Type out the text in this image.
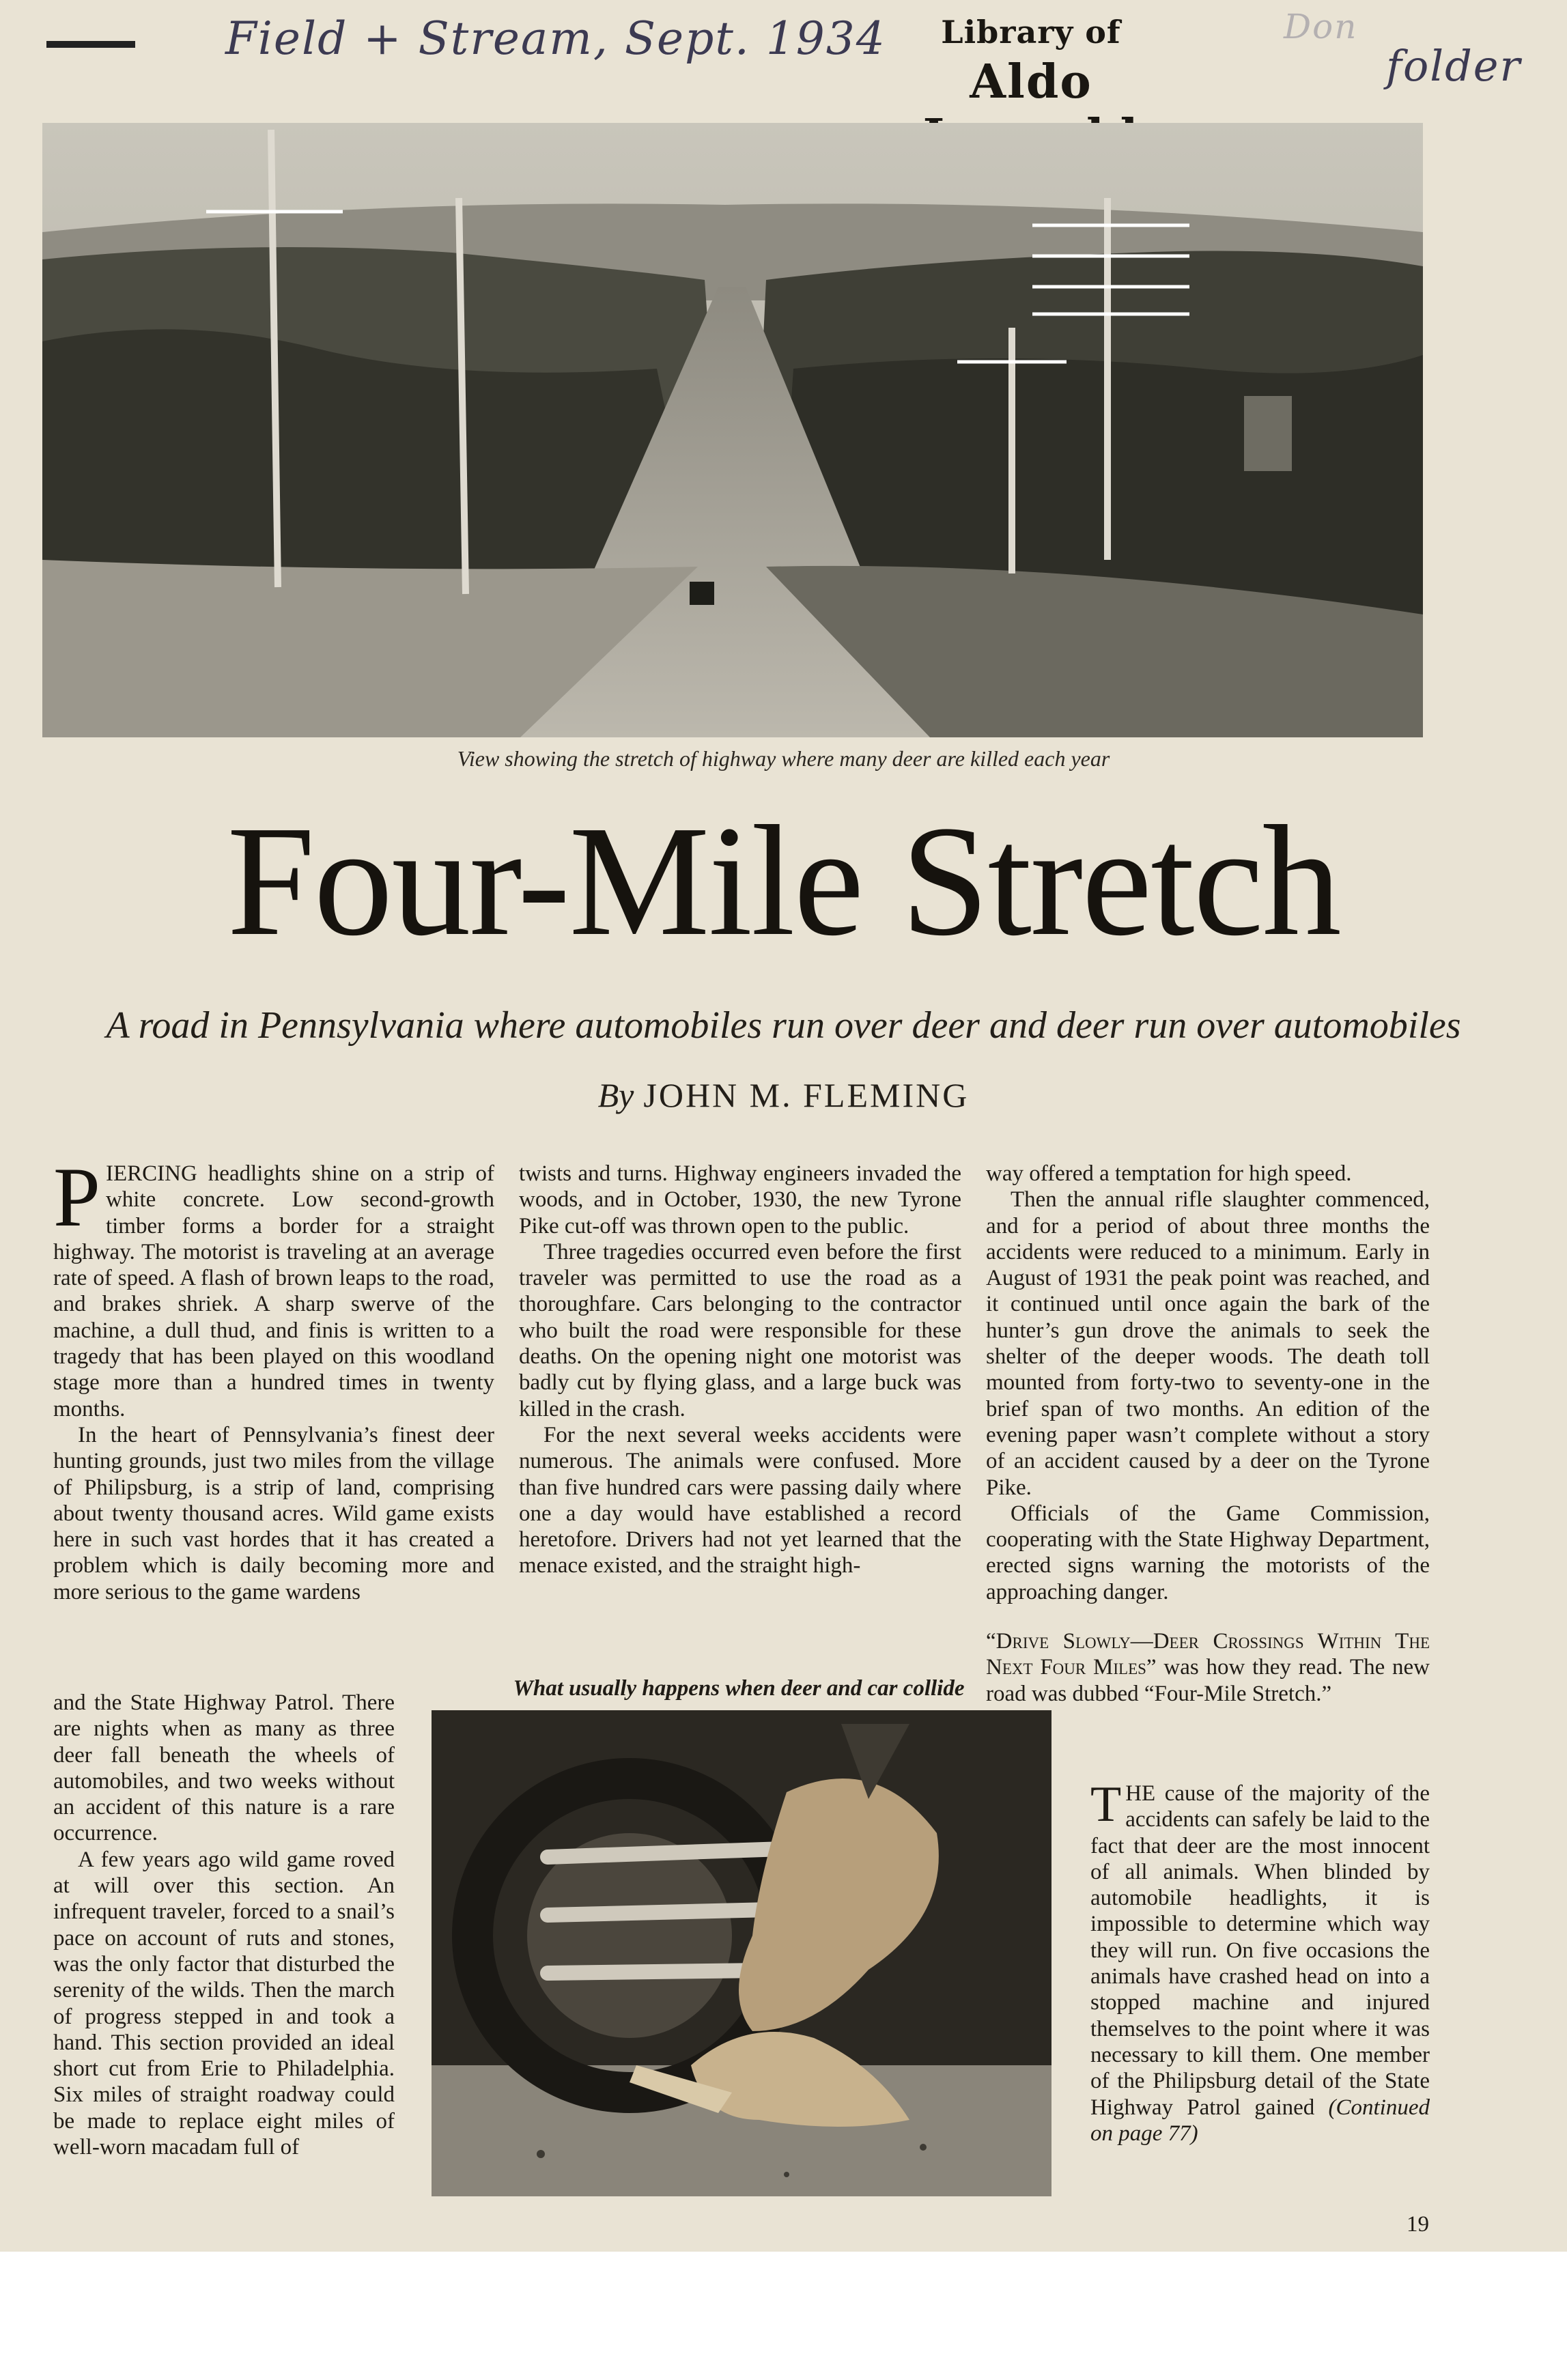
Field + Stream, Sept. 1934	Don
folder
Library of
Aldo
View showing the stretch of highway where many deer are killed each year
Four-Mile Stretch
A road in Pennsylvania where automobiles run over deer and deer run over automobiles
By JOHN M. FLEMING

PIERCING headlights shine on a strip of white concrete. Low second-growth timber forms a border for a straight highway. The motorist is traveling at an average rate of speed. A flash of brown leaps to the road, and brakes shriek. A sharp swerve of the machine, a dull thud, and finis is written to a tragedy that has been played on this woodland stage more than a hundred times in twenty months.

In the heart of Pennsylvania’s finest deer hunting grounds, just two miles from the village of Philipsburg, is a strip of land, comprising about twenty thousand acres. Wild game exists here in such vast hordes that it has created a problem which is daily becoming more and more serious to the game wardens

and the State Highway Patrol. There are nights when as many as three deer fall beneath the wheels of automobiles, and two weeks without an accident of this nature is a rare occurrence.

A few years ago wild game roved at will over this section. An infrequent traveler, forced to a snail’s pace on account of ruts and stones, was the only factor that disturbed the serenity of the wilds. Then the march of progress stepped in and took a hand. This section provided an ideal short cut from Erie to Philadelphia. Six miles of straight roadway could be made to replace eight miles of well-worn macadam full of

twists and turns. Highway engineers invaded the woods, and in October, 1930, the new Tyrone Pike cut-off was thrown open to the public.

Three tragedies occurred even before the first traveler was permitted to use the road as a thoroughfare. Cars belonging to the contractor who built the road were responsible for these deaths. On the opening night one motorist was badly cut by flying glass, and a large buck was killed in the crash.

For the next several weeks accidents were numerous. The animals were confused. More than five hundred cars were passing daily where one a day would have established a record heretofore. Drivers had not yet learned that the menace existed, and the straight high-

way offered a temptation for high speed.

Then the annual rifle slaughter commenced, and for a period of about three months the accidents were reduced to a minimum. Early in August of 1931 the peak point was reached, and it continued until once again the bark of the hunter’s gun drove the animals to seek the shelter of the deeper woods. The death toll mounted from forty-two to seventy-one in the brief span of two months. An edition of the evening paper wasn’t complete without a story of an accident caused by a deer on the Tyrone Pike.

Officials of the Game Commission, cooperating with the State Highway Department, erected signs warning the motorists of the approaching danger.

“Drive Slowly—Deer Crossings Within The Next Four Miles” was how they read. The new road was dubbed “Four-Mile Stretch.”

THE cause of the majority of the accidents can safely be laid to the fact that deer are the most innocent of all animals. When blinded by automobile headlights, it is impossible to determine which way they will run. On five occasions the animals have crashed head on into a stopped machine and injured themselves to the point where it was necessary to kill them. One member of the Philipsburg detail of the State Highway Patrol gained (Continued on page 77)

What usually happens when deer and car collide
19
